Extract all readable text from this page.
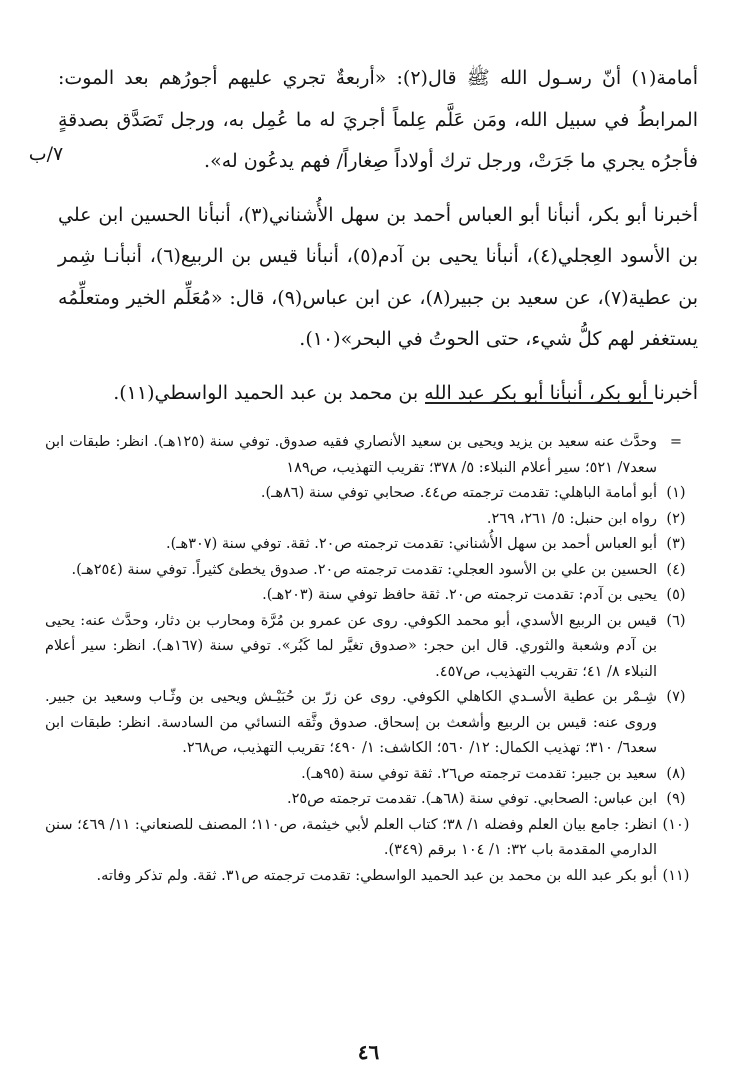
٧/ب

أمامة(١) أنّ رسـول الله ﷺ قال(٢): «أربعةٌ تجري عليهم أجورُهم بعد الموت: المرابطُ في سبيل الله، ومَن عَلَّم عِلماً أجريَ له ما عُمِل به، ورجل تَصَدَّق بصدقةٍ فأجرُه يجري ما جَرَتْ، ورجل ترك أولاداً صِغاراً/ فهم يدعُون له».

أخبرنا أبو بكر، أنبأنا أبو العباس أحمد بن سهل الأُشناني(٣)، أنبأنا الحسين ابن علي بن الأسود العِجلي(٤)، أنبأنا يحيى بن آدم(٥)، أنبأنا قيس بن الربيع(٦)، أنبأنـا شِمر بن عطية(٧)، عن سعيد بن جبير(٨)، عن ابن عباس(٩)، قال: «مُعَلِّم الخير ومتعلِّمُه يستغفر لهم كلُّ شيء، حتى الحوتُ في البحر»(١٠).

أخبرنا أبو بكر، أنبأنا أبو بكر عبد الله بن محمد بن عبد الحميد الواسطي(١١).

=
وحدَّث عنه سعيد بن يزيد ويحيى بن سعيد الأنصاري فقيه صدوق. توفي سنة (١٢٥هـ). انظر: طبقات ابن سعد٧/ ٥٢١؛ سير أعلام النبلاء: ٥/ ٣٧٨؛ تقريب التهذيب، ص١٨٩
(١)
أبو أمامة الباهلي: تقدمت ترجمته ص٤٤. صحابي توفي سنة (٨٦هـ).
(٢)
رواه ابن حنبل: ٥/ ٢٦١، ٢٦٩.
(٣)
أبو العباس أحمد بن سهل الأُشناني: تقدمت ترجمته ص٢٠. ثقة. توفي سنة (٣٠٧هـ).
(٤)
الحسين بن علي بن الأسود العجلي: تقدمت ترجمته ص٢٠. صدوق يخطئ كثيراً. توفي سنة (٢٥٤هـ).
(٥)
يحيى بن آدم: تقدمت ترجمته ص٢٠. ثقة حافظ توفي سنة (٢٠٣هـ).
(٦)
قيس بن الربيع الأسدي، أبو محمد الكوفي. روى عن عمرو بن مُرَّة ومحارب بن دثار، وحدَّث عنه: يحيى بن آدم وشعبة والثوري. قال ابن حجر: «صدوق تغيَّر لما كَبُر». توفي سنة (١٦٧هـ). انظر: سير أعلام النبلاء ٨/ ٤١؛ تقريب التهذيب، ص٤٥٧.
(٧)
شِـمْر بن عطية الأسـدي الكاهلي الكوفي. روى عن زرّ بن حُبَيْـش ويحيى بن وثّـاب وسعيد بن جبير. وروى عنه: قيس بن الربيع وأشعث بن إسحاق. صدوق وثَّقه النسائي من السادسة. انظر: طبقات ابن سعد٦/ ٣١٠؛ تهذيب الكمال: ١٢/ ٥٦٠؛ الكاشف: ١/ ٤٩٠؛ تقريب التهذيب، ص٢٦٨.
(٨)
سعيد بن جبير: تقدمت ترجمته ص٢٦. ثقة توفي سنة (٩٥هـ).
(٩)
ابن عباس: الصحابي. توفي سنة (٦٨هـ). تقدمت ترجمته ص٢٥.
(١٠)
انظر: جامع بيان العلم وفضله ١/ ٣٨؛ كتاب العلم لأبي خيثمة، ص١١٠؛ المصنف للصنعاني: ١١/ ٤٦٩؛ سنن الدارمي المقدمة باب ٣٢: ١/ ١٠٤ برقم (٣٤٩).
(١١)
أبو بكر عبد الله بن محمد بن عبد الحميد الواسطي: تقدمت ترجمته ص٣١. ثقة. ولم تذكر وفاته.
٤٦
